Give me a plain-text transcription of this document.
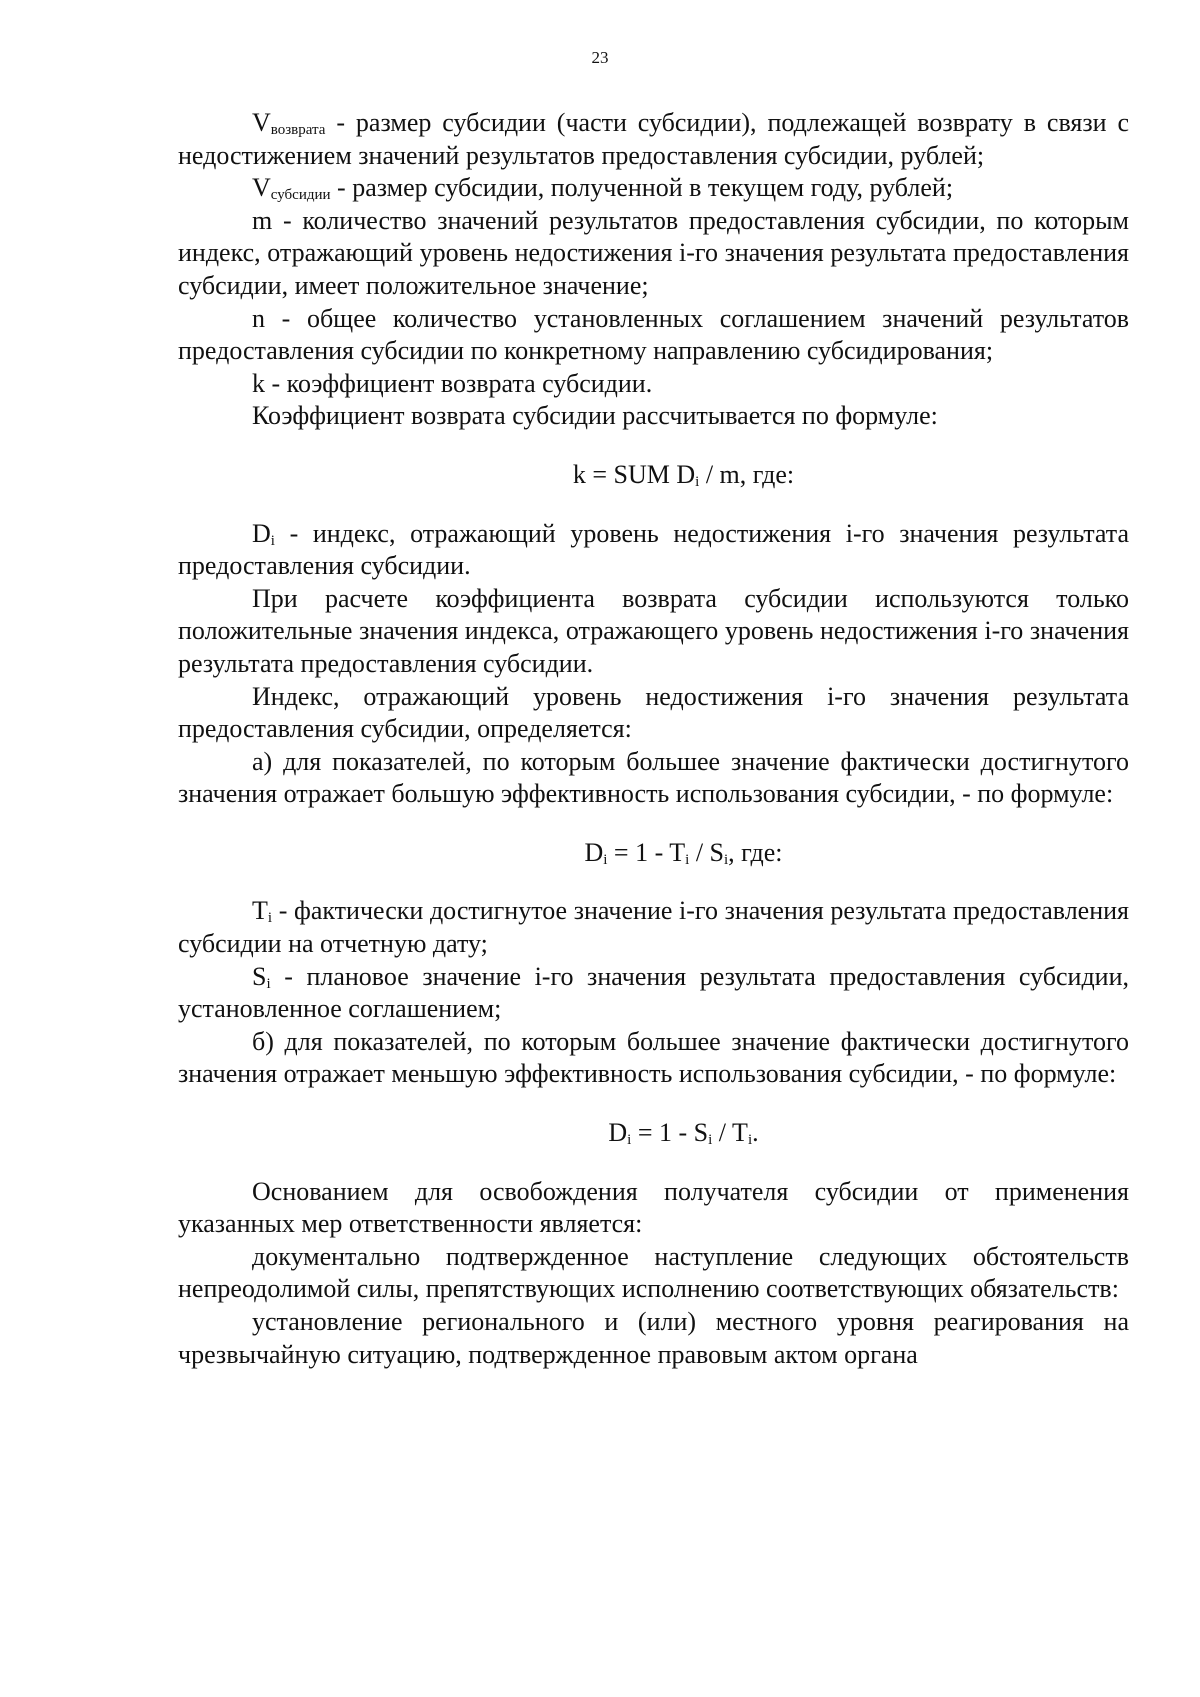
23

$V_{возврата}$ - размер субсидии (части субсидии), подлежащей возврату в связи с недостижением значений результатов предоставления субсидии, рублей;

$V_{субсидии}$ - размер субсидии, полученной в текущем году, рублей;

m - количество значений результатов предоставления субсидии, по которым индекс, отражающий уровень недостижения i-го значения результата предоставления субсидии, имеет положительное значение;

n - общее количество установленных соглашением значений результатов предоставления субсидии по конкретному направлению субсидирования;

k - коэффициент возврата субсидии.

Коэффициент возврата субсидии рассчитывается по формуле:

k = SUM $D_i$ / m, где:

$D_i$ - индекс, отражающий уровень недостижения i-го значения результата предоставления субсидии.

При расчете коэффициента возврата субсидии используются только положительные значения индекса, отражающего уровень недостижения i-го значения результата предоставления субсидии.

Индекс, отражающий уровень недостижения i-го значения результата предоставления субсидии, определяется:

а) для показателей, по которым большее значение фактически достигнутого значения отражает большую эффективность использования субсидии, - по формуле:

$D_i = 1 - T_i / S_i$, где:

$T_i$ - фактически достигнутое значение i-го значения результата предоставления субсидии на отчетную дату;

$S_i$ - плановое значение i-го значения результата предоставления субсидии, установленное соглашением;

б) для показателей, по которым большее значение фактически достигнутого значения отражает меньшую эффективность использования субсидии, - по формуле:

$D_i = 1 - S_i / T_i$.

Основанием для освобождения получателя субсидии от применения указанных мер ответственности является:

документально подтвержденное наступление следующих обстоятельств непреодолимой силы, препятствующих исполнению соответствующих обязательств:

установление регионального и (или) местного уровня реагирования на чрезвычайную ситуацию, подтвержденное правовым актом органа
